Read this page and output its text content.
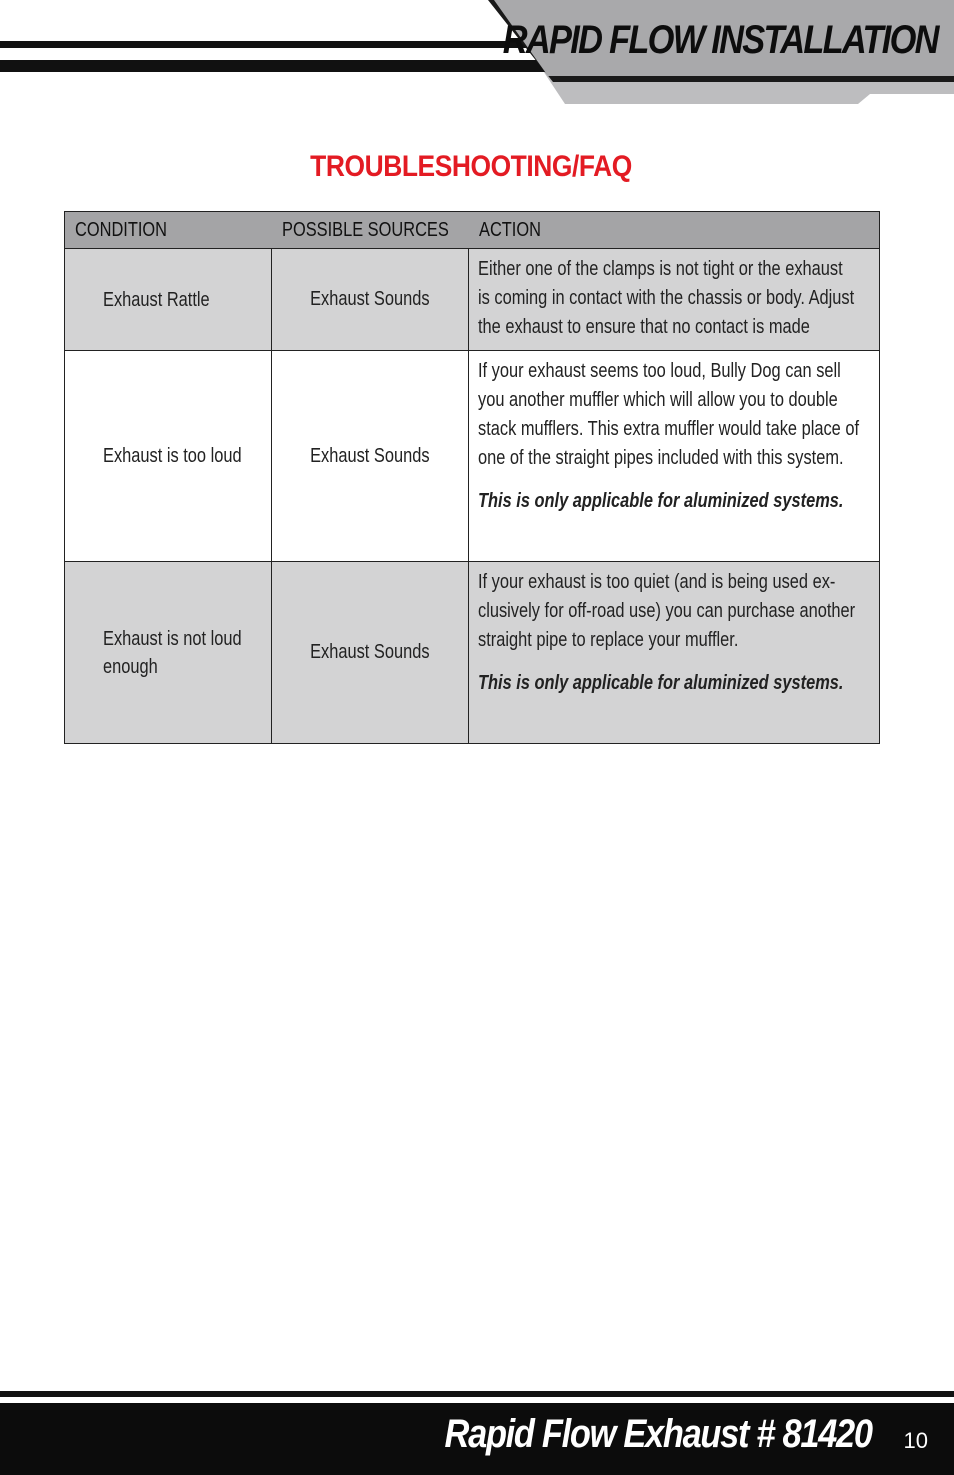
RAPID FLOW INSTALLATION
TROUBLESHOOTING/FAQ
CONDITION	POSSIBLE SOURCES	ACTION
Exhaust Rattle	Exhaust Sounds	Either one of the clamps is not tight or the exhaust
is coming in contact with the chassis or body. Adjust
the exhaust to ensure that no contact is made

Exhaust is too loud	Exhaust Sounds	If your exhaust seems too loud, Bully Dog can sell
you another muffler which will allow you to double
stack mufflers. This extra muffler would take place of
one of the straight pipes included with this system.
This is only applicable for aluminized systems.

Exhaust is not loud
enough	Exhaust Sounds	If your exhaust is too quiet (and is being used ex-
clusively for off-road use) you can purchase another
straight pipe to replace your muffler.
This is only applicable for aluminized systems.
Rapid Flow Exhaust # 81420 10
